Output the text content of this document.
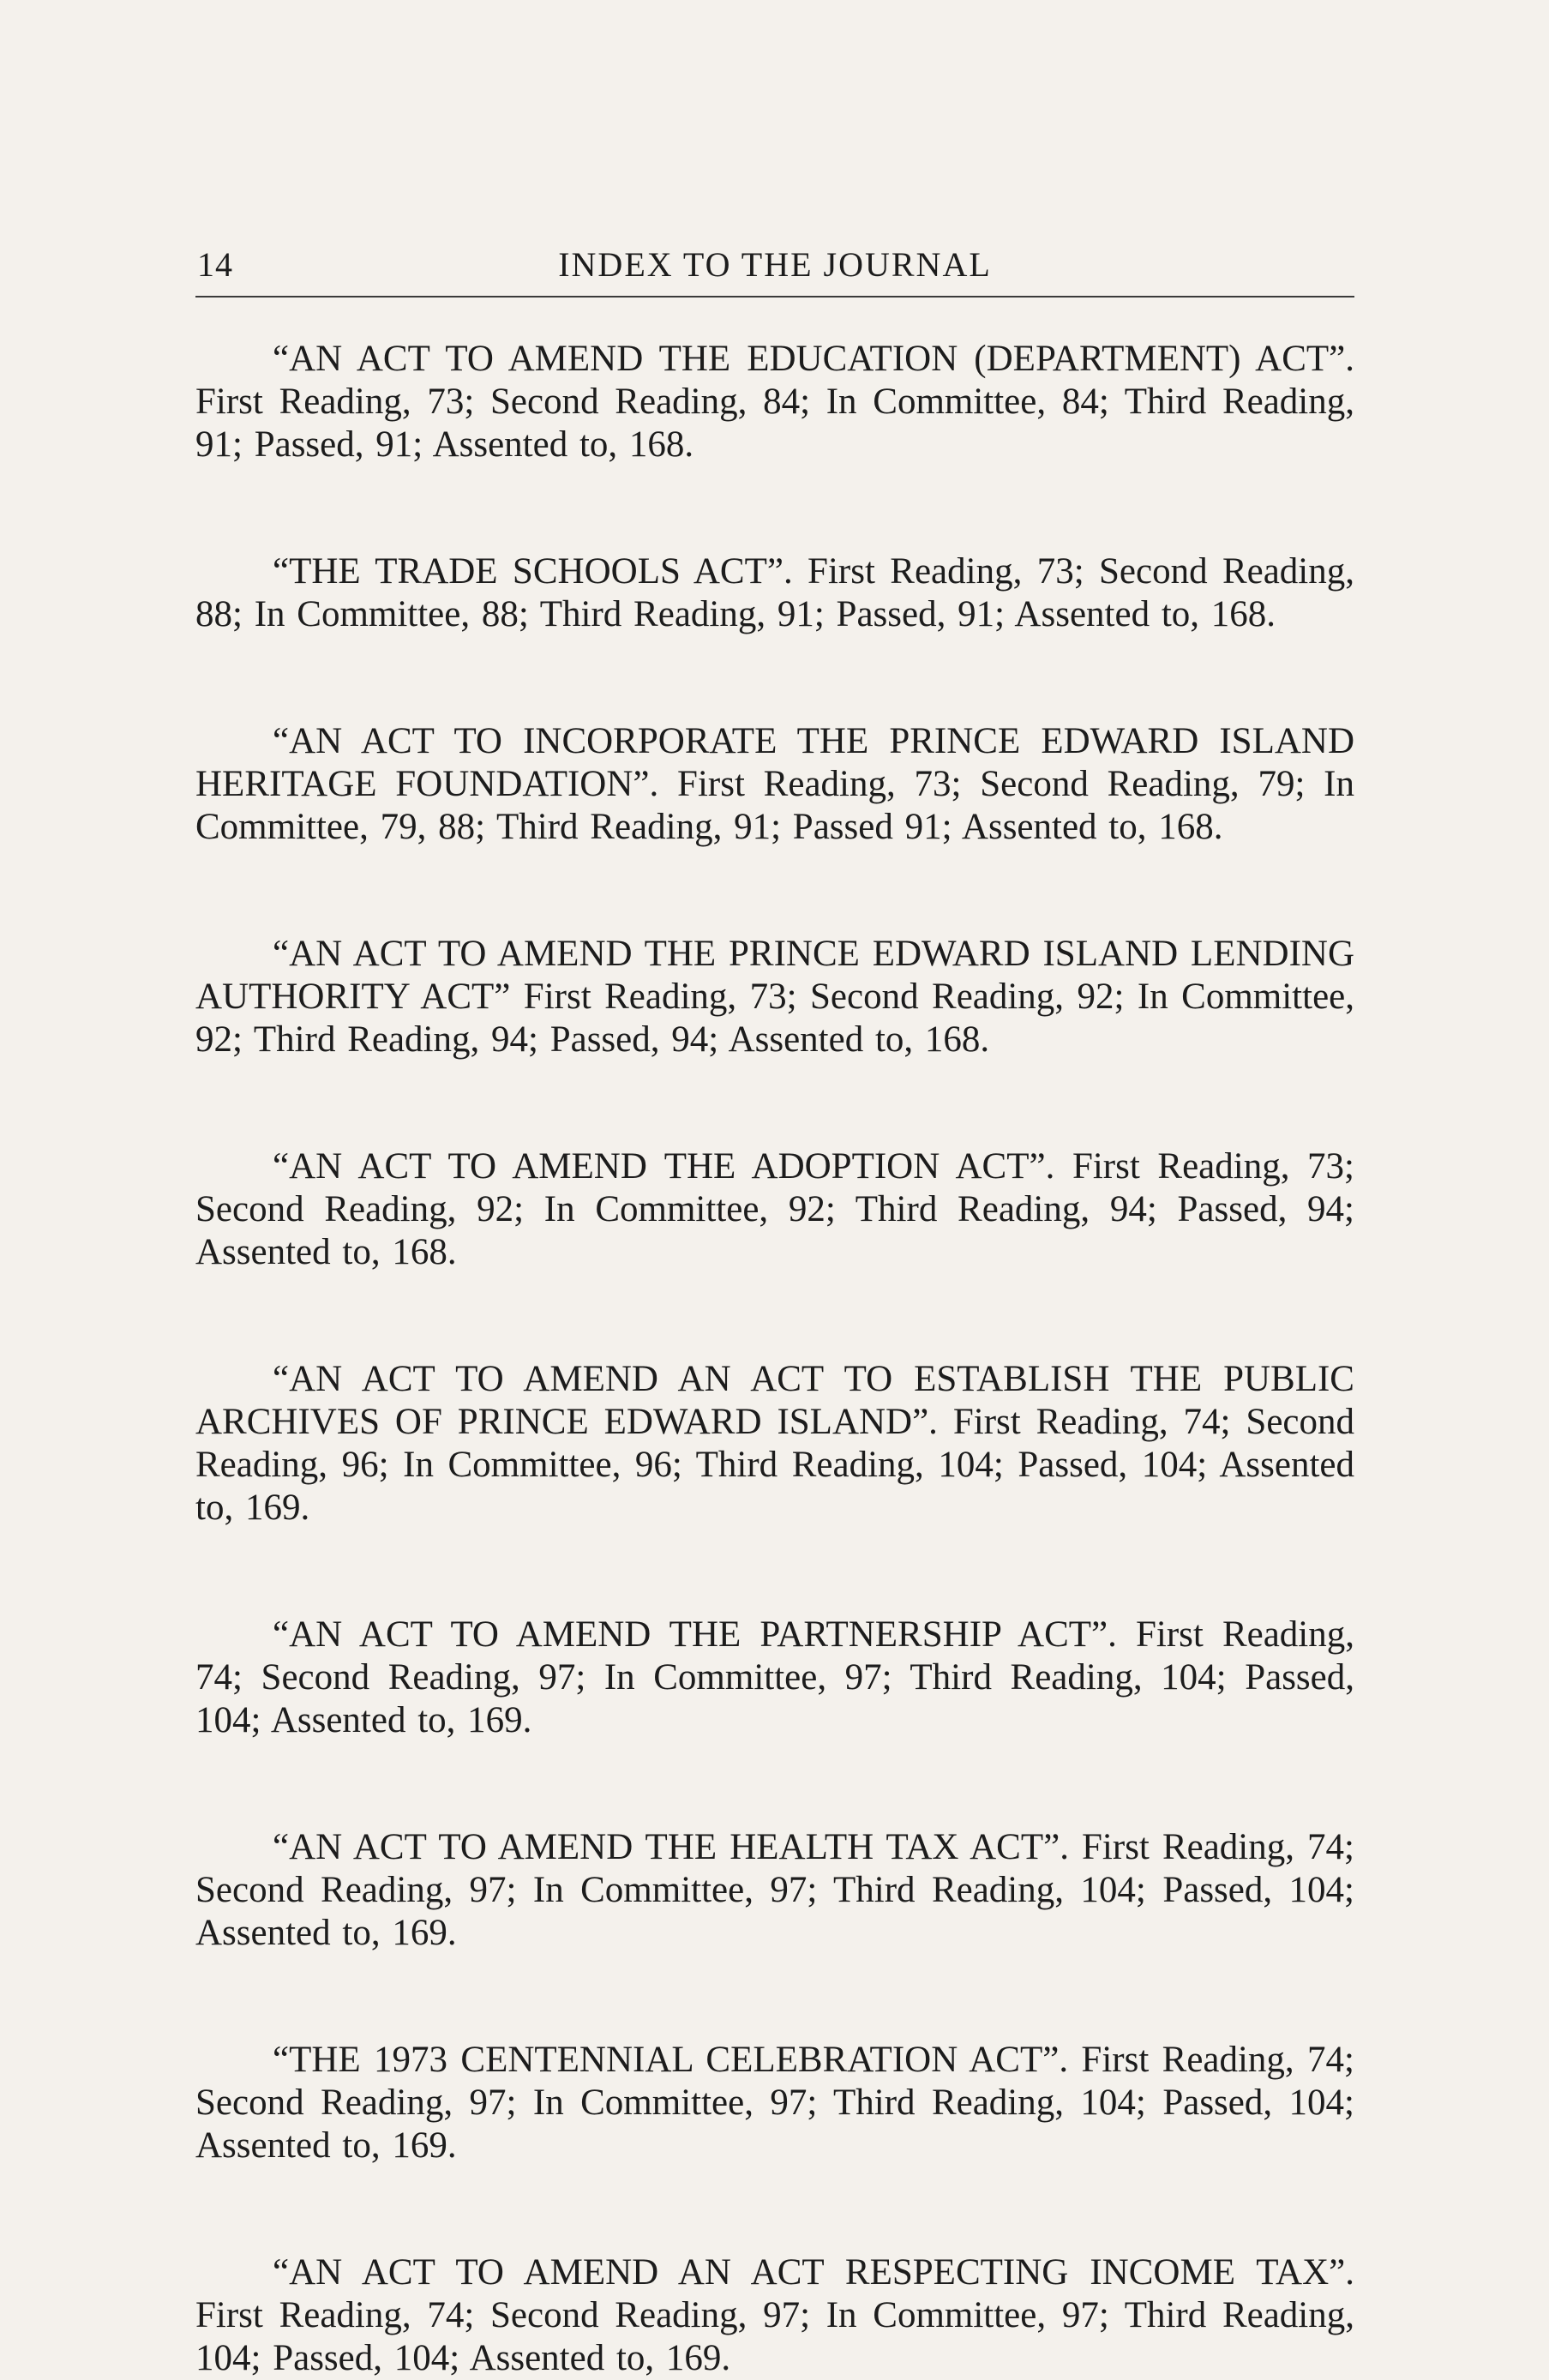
14	INDEX TO THE JOURNAL

“AN ACT TO AMEND THE EDUCATION (DEPARTMENT) ACT”. First Reading, 73; Second Reading, 84; In Committee, 84; Third Reading, 91; Passed, 91; Assented to, 168.

“THE TRADE SCHOOLS ACT”. First Reading, 73; Second Reading, 88; In Committee, 88; Third Reading, 91; Passed, 91; Assented to, 168.

“AN ACT TO INCORPORATE THE PRINCE EDWARD ISLAND HERITAGE FOUNDATION”. First Reading, 73; Second Reading, 79; In Committee, 79, 88; Third Reading, 91; Passed 91; Assented to, 168.

“AN ACT TO AMEND THE PRINCE EDWARD ISLAND LENDING AUTHORITY ACT” First Reading, 73; Second Reading, 92; In Committee, 92; Third Reading, 94; Passed, 94; Assented to, 168.

“AN ACT TO AMEND THE ADOPTION ACT”. First Reading, 73; Second Reading, 92; In Committee, 92; Third Reading, 94; Passed, 94; Assented to, 168.

“AN ACT TO AMEND AN ACT TO ESTABLISH THE PUBLIC ARCHIVES OF PRINCE EDWARD ISLAND”. First Reading, 74; Second Reading, 96; In Committee, 96; Third Reading, 104; Passed, 104; Assented to, 169.

“AN ACT TO AMEND THE PARTNERSHIP ACT”. First Reading, 74; Second Reading, 97; In Committee, 97; Third Reading, 104; Passed, 104; Assented to, 169.

“AN ACT TO AMEND THE HEALTH TAX ACT”. First Reading, 74; Second Reading, 97; In Committee, 97; Third Reading, 104; Passed, 104; Assented to, 169.

“THE 1973 CENTENNIAL CELEBRATION ACT”. First Reading, 74; Second Reading, 97; In Committee, 97; Third Reading, 104; Passed, 104; Assented to, 169.

“AN ACT TO AMEND AN ACT RESPECTING INCOME TAX”. First Reading, 74; Second Reading, 97; In Committee, 97; Third Reading, 104; Passed, 104; Assented to, 169.
